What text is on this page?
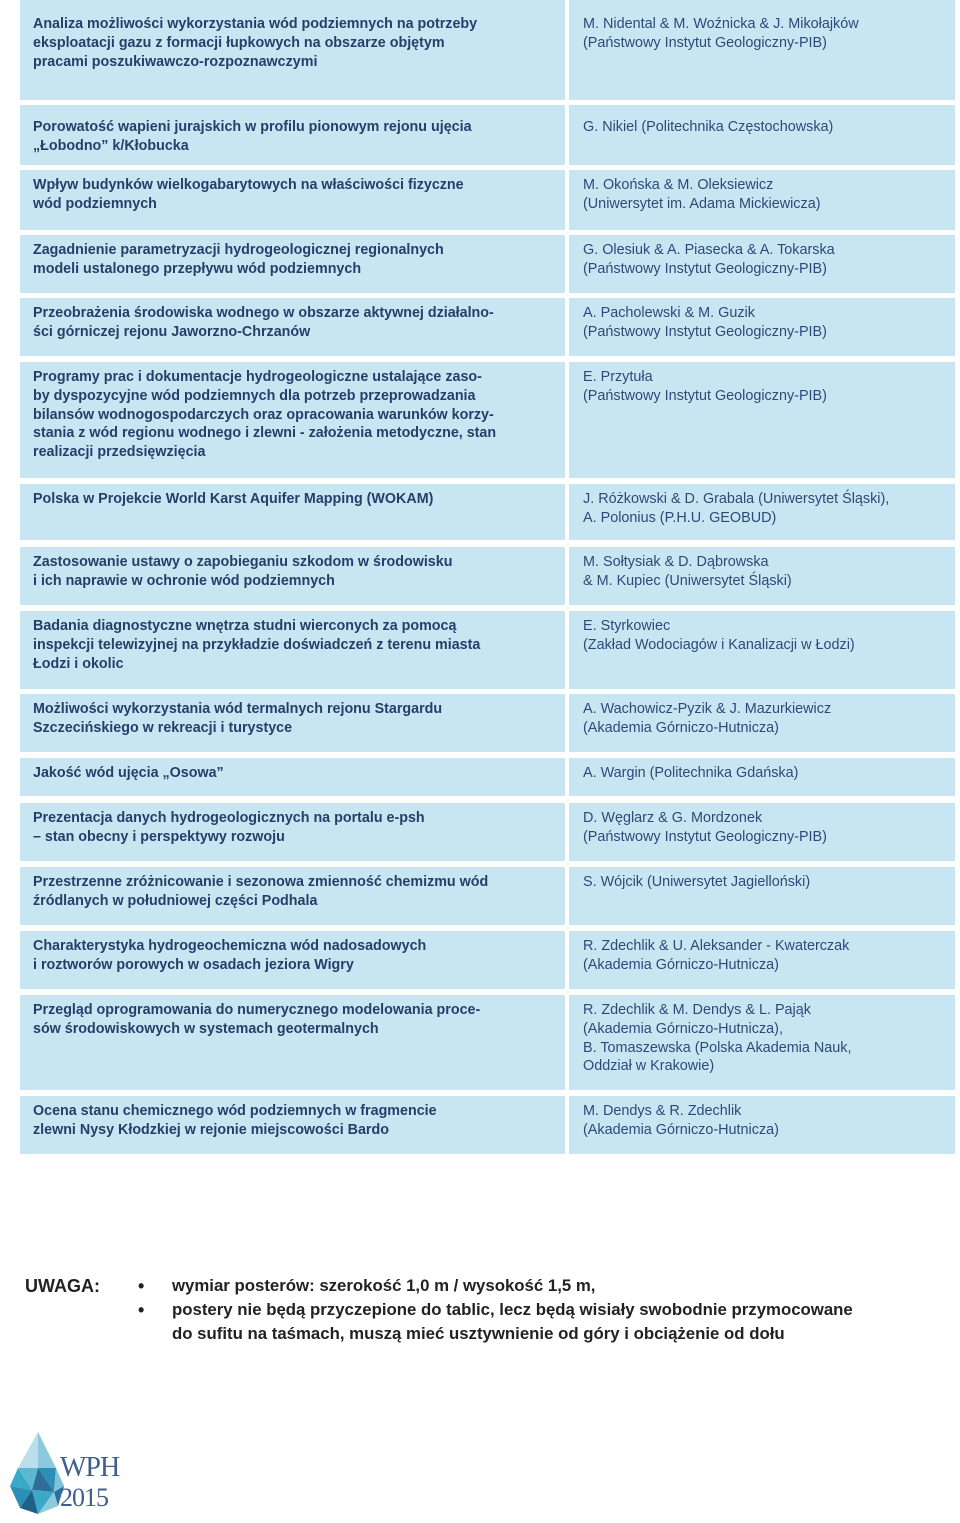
Analiza możliwości wykorzystania wód podziemnych na potrzeby
eksploatacji gazu z formacji łupkowych na obszarze objętym
pracami poszukiwawczo-rozpoznawczymi
M. Nidental & M. Woźnicka & J. Mikołajków
(Państwowy Instytut Geologiczny-PIB)
Porowatość wapieni jurajskich w profilu pionowym rejonu ujęcia
„Łobodno” k/Kłobucka
G. Nikiel (Politechnika Częstochowska)
Wpływ budynków wielkogabarytowych na właściwości fizyczne
wód podziemnych
M. Okońska & M. Oleksiewicz
(Uniwersytet im. Adama Mickiewicza)
Zagadnienie parametryzacji hydrogeologicznej regionalnych
modeli ustalonego przepływu wód podziemnych
G. Olesiuk & A. Piasecka & A. Tokarska
(Państwowy Instytut Geologiczny-PIB)
Przeobrażenia środowiska wodnego w obszarze aktywnej działalno-
ści górniczej rejonu Jaworzno-Chrzanów
A. Pacholewski & M. Guzik
(Państwowy Instytut Geologiczny-PIB)
Programy prac i dokumentacje hydrogeologiczne ustalające zaso-
by dyspozycyjne wód podziemnych dla potrzeb przeprowadzania
bilansów wodnogospodarczych oraz opracowania warunków korzy-
stania z wód regionu wodnego i zlewni - założenia metodyczne, stan
realizacji przedsięwzięcia
E. Przytuła
(Państwowy Instytut Geologiczny-PIB)
Polska w Projekcie World Karst Aquifer Mapping (WOKAM)	J. Różkowski & D. Grabala (Uniwersytet Śląski),
A. Polonius (P.H.U. GEOBUD)
Zastosowanie ustawy o zapobieganiu szkodom w środowisku
i ich naprawie w ochronie wód podziemnych
M. Sołtysiak & D. Dąbrowska
& M. Kupiec (Uniwersytet Śląski)
Badania diagnostyczne wnętrza studni wierconych za pomocą
inspekcji telewizyjnej na przykładzie doświadczeń z terenu miasta
Łodzi i okolic
E. Styrkowiec
(Zakład Wodociagów i Kanalizacji w Łodzi)
Możliwości wykorzystania wód termalnych rejonu Stargardu
Szczecińskiego w rekreacji i turystyce
A. Wachowicz-Pyzik & J. Mazurkiewicz
(Akademia Górniczo-Hutnicza)
Jakość wód ujęcia „Osowa”	A. Wargin (Politechnika Gdańska)
Prezentacja danych hydrogeologicznych na portalu e-psh
– stan obecny i perspektywy rozwoju
D. Węglarz & G. Mordzonek
(Państwowy Instytut Geologiczny-PIB)
Przestrzenne zróżnicowanie i sezonowa zmienność chemizmu wód
źródlanych w południowej części Podhala
S. Wójcik (Uniwersytet Jagielloński)
Charakterystyka hydrogeochemiczna wód nadosadowych
i roztworów porowych w osadach jeziora Wigry
R. Zdechlik & U. Aleksander - Kwaterczak
(Akademia Górniczo-Hutnicza)
Przegląd oprogramowania do numerycznego modelowania proce-
sów środowiskowych w systemach geotermalnych
R. Zdechlik & M. Dendys & L. Pająk
(Akademia Górniczo-Hutnicza),
B. Tomaszewska (Polska Akademia Nauk,
Oddział w Krakowie)
Ocena stanu chemicznego wód podziemnych w fragmencie
zlewni Nysy Kłodzkiej w rejonie miejscowości Bardo
M. Dendys & R. Zdechlik
(Akademia Górniczo-Hutnicza)
UWAGA:
•	wymiar posterów: szerokość 1,0 m / wysokość 1,5 m,
• postery nie będą przyczepione do tablic, lecz będą wisiały swobodnie przymocowane
do sufitu na taśmach, muszą mieć usztywnienie od góry i obciążenie od dołu
WPH
2015
